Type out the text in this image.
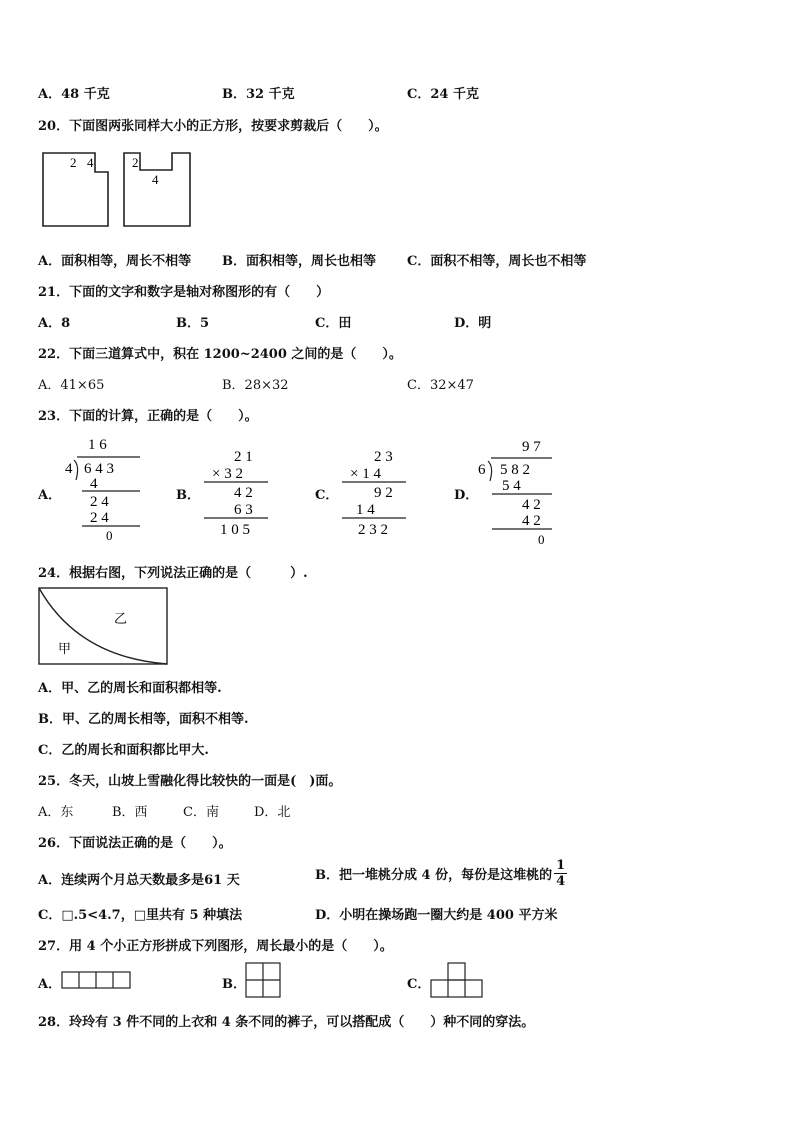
A．48 千克	B．32 千克	C．24 千克
20．下面图两张同样大小的正方形，按要求剪裁后（　　）。
2 4	2
4
A．面积相等，周长不相等 B．面积相等，周长也相等 C．面积不相等，周长也不相等
21．下面的文字和数字是轴对称图形的有（　　）
A．8	B．5	C．田	D．明
22．下面三道算式中，积在 1200~2400 之间的是（　　）。
A．41×65	B．28×32	C．32×47
23．下面的计算，正确的是（　　）。
A．
1 6
4 6 4 3
4
2 4
2 4
0
B．
2 1
× 3 2
4 2
6 3
1 0 5
C．
2 3
× 1 4
9 2
1 4
2 3 2
D．
9 7
6 5 8 2
5 4
4 2
4 2
0
24．根据右图，下列说法正确的是（　　　）.
乙
甲
A．甲、乙的周长和面积都相等.
B．甲、乙的周长相等，面积不相等.
C．乙的周长和面积都比甲大.
25．冬天，山坡上雪融化得比较快的一面是(　)面。
A．东	B．西	C．南	D．北
26．下面说法正确的是（　　）。
A．连续两个月总天数最多是61 天	B．把一堆桃分成 4 份，每份是这堆桃的 $\frac{1}{4}$
C．□.5<4.7，□里共有 5 种填法	D．小明在操场跑一圈大约是 400 平方米
27．用 4 个小正方形拼成下列图形，周长最小的是（　　）。
A．	B．	C．
28．玲玲有 3 件不同的上衣和 4 条不同的裤子，可以搭配成（　　）种不同的穿法。
